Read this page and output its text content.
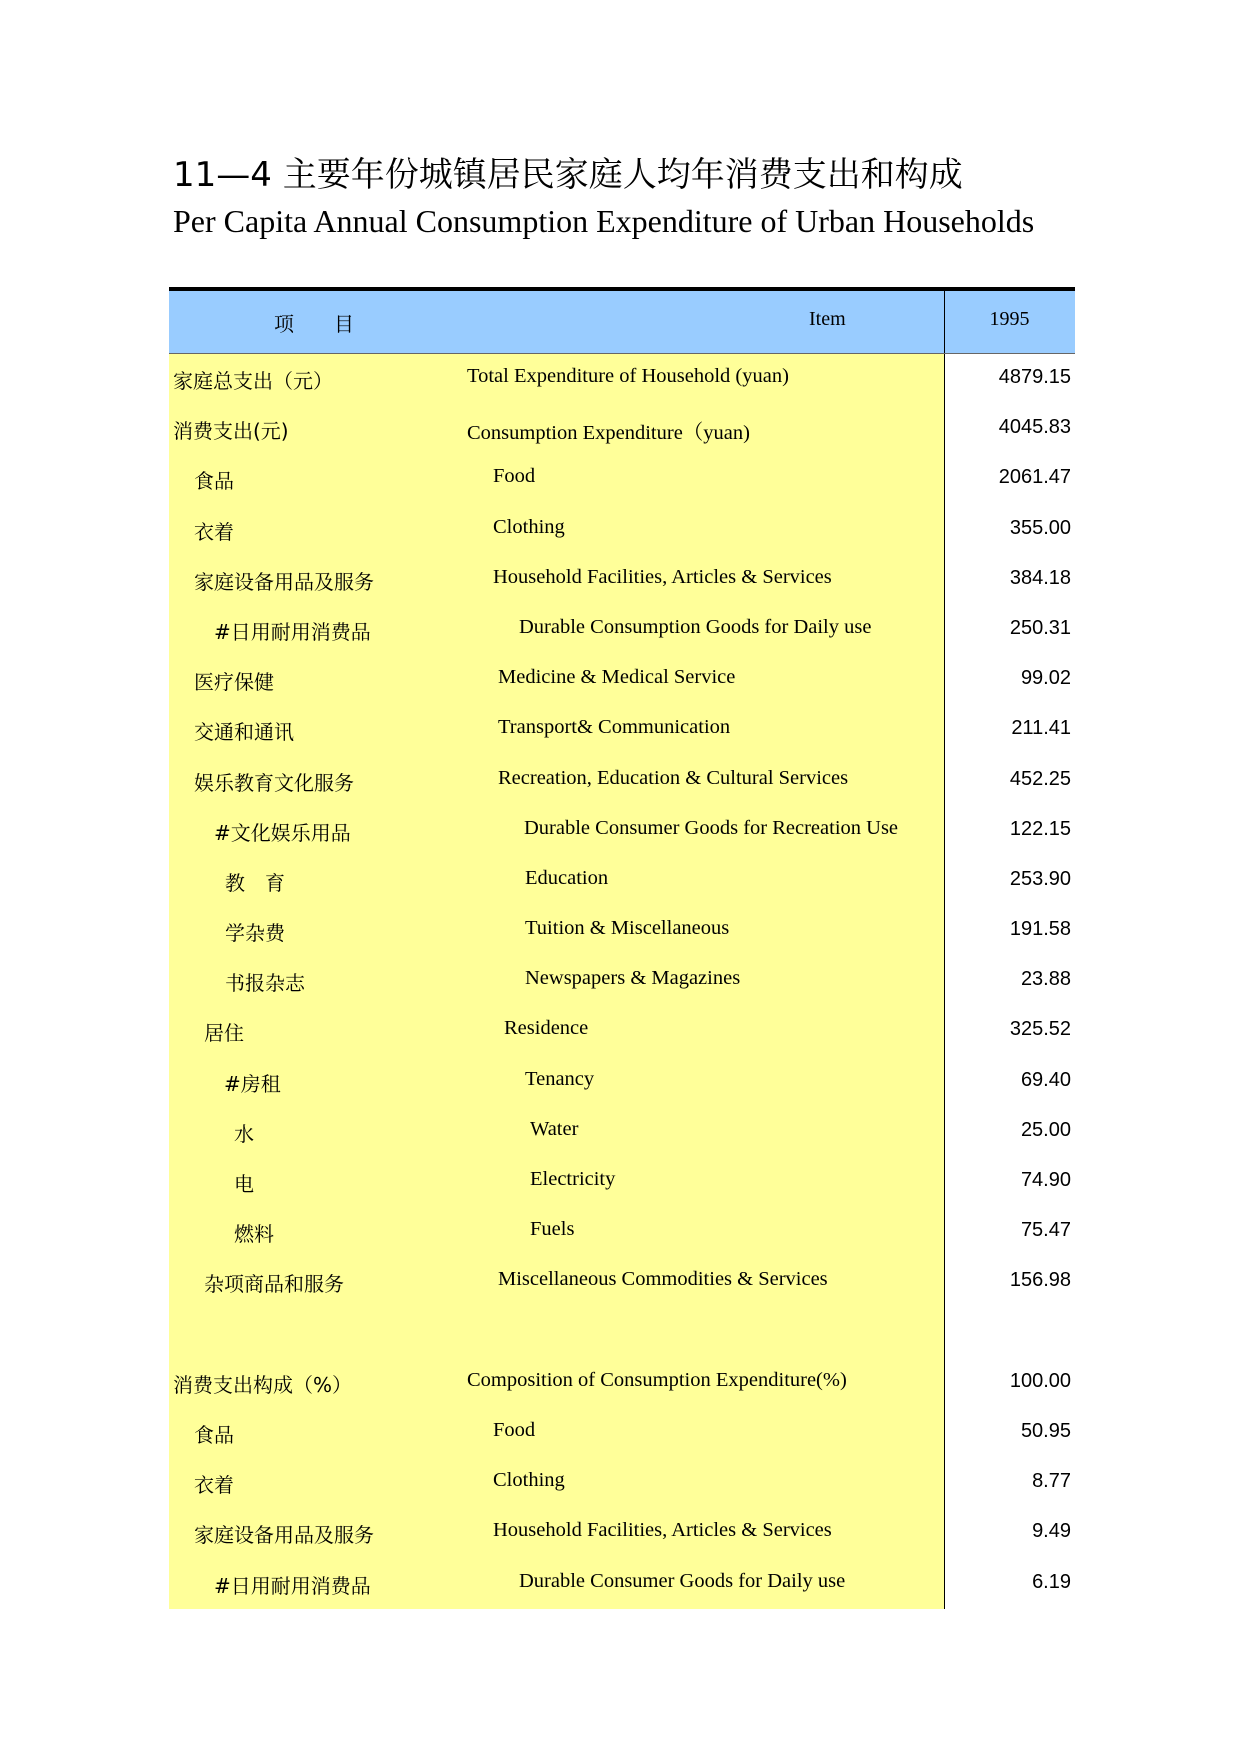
11—4 主要年份城镇居民家庭人均年消费支出和构成
Per Capita Annual Consumption Expenditure of Urban Households
项　　目	Item	1995
家庭总支出（元）	Total Expenditure of Household (yuan)	4879.15
消费支出(元)	Consumption Expenditure（yuan)	4045.83
食品	Food	2061.47
衣着	Clothing	355.00
家庭设备用品及服务	Household Facilities, Articles & Services	384.18
#日用耐用消费品	Durable Consumption Goods for Daily use	250.31
医疗保健	Medicine & Medical Service	99.02
交通和通讯	Transport& Communication	211.41
娱乐教育文化服务	Recreation, Education & Cultural Services	452.25
#文化娱乐用品	Durable Consumer Goods for Recreation Use	122.15
教　育	Education	253.90
学杂费	Tuition & Miscellaneous	191.58
书报杂志	Newspapers & Magazines	23.88
居住	Residence	325.52
#房租	Tenancy	69.40
水	Water	25.00
电	Electricity	74.90
燃料	Fuels	75.47
杂项商品和服务	Miscellaneous Commodities & Services	156.98
消费支出构成（%）	Composition of Consumption Expenditure(%)	100.00
食品	Food	50.95
衣着	Clothing	8.77
家庭设备用品及服务	Household Facilities, Articles & Services	9.49
#日用耐用消费品	Durable Consumer Goods for Daily use	6.19
